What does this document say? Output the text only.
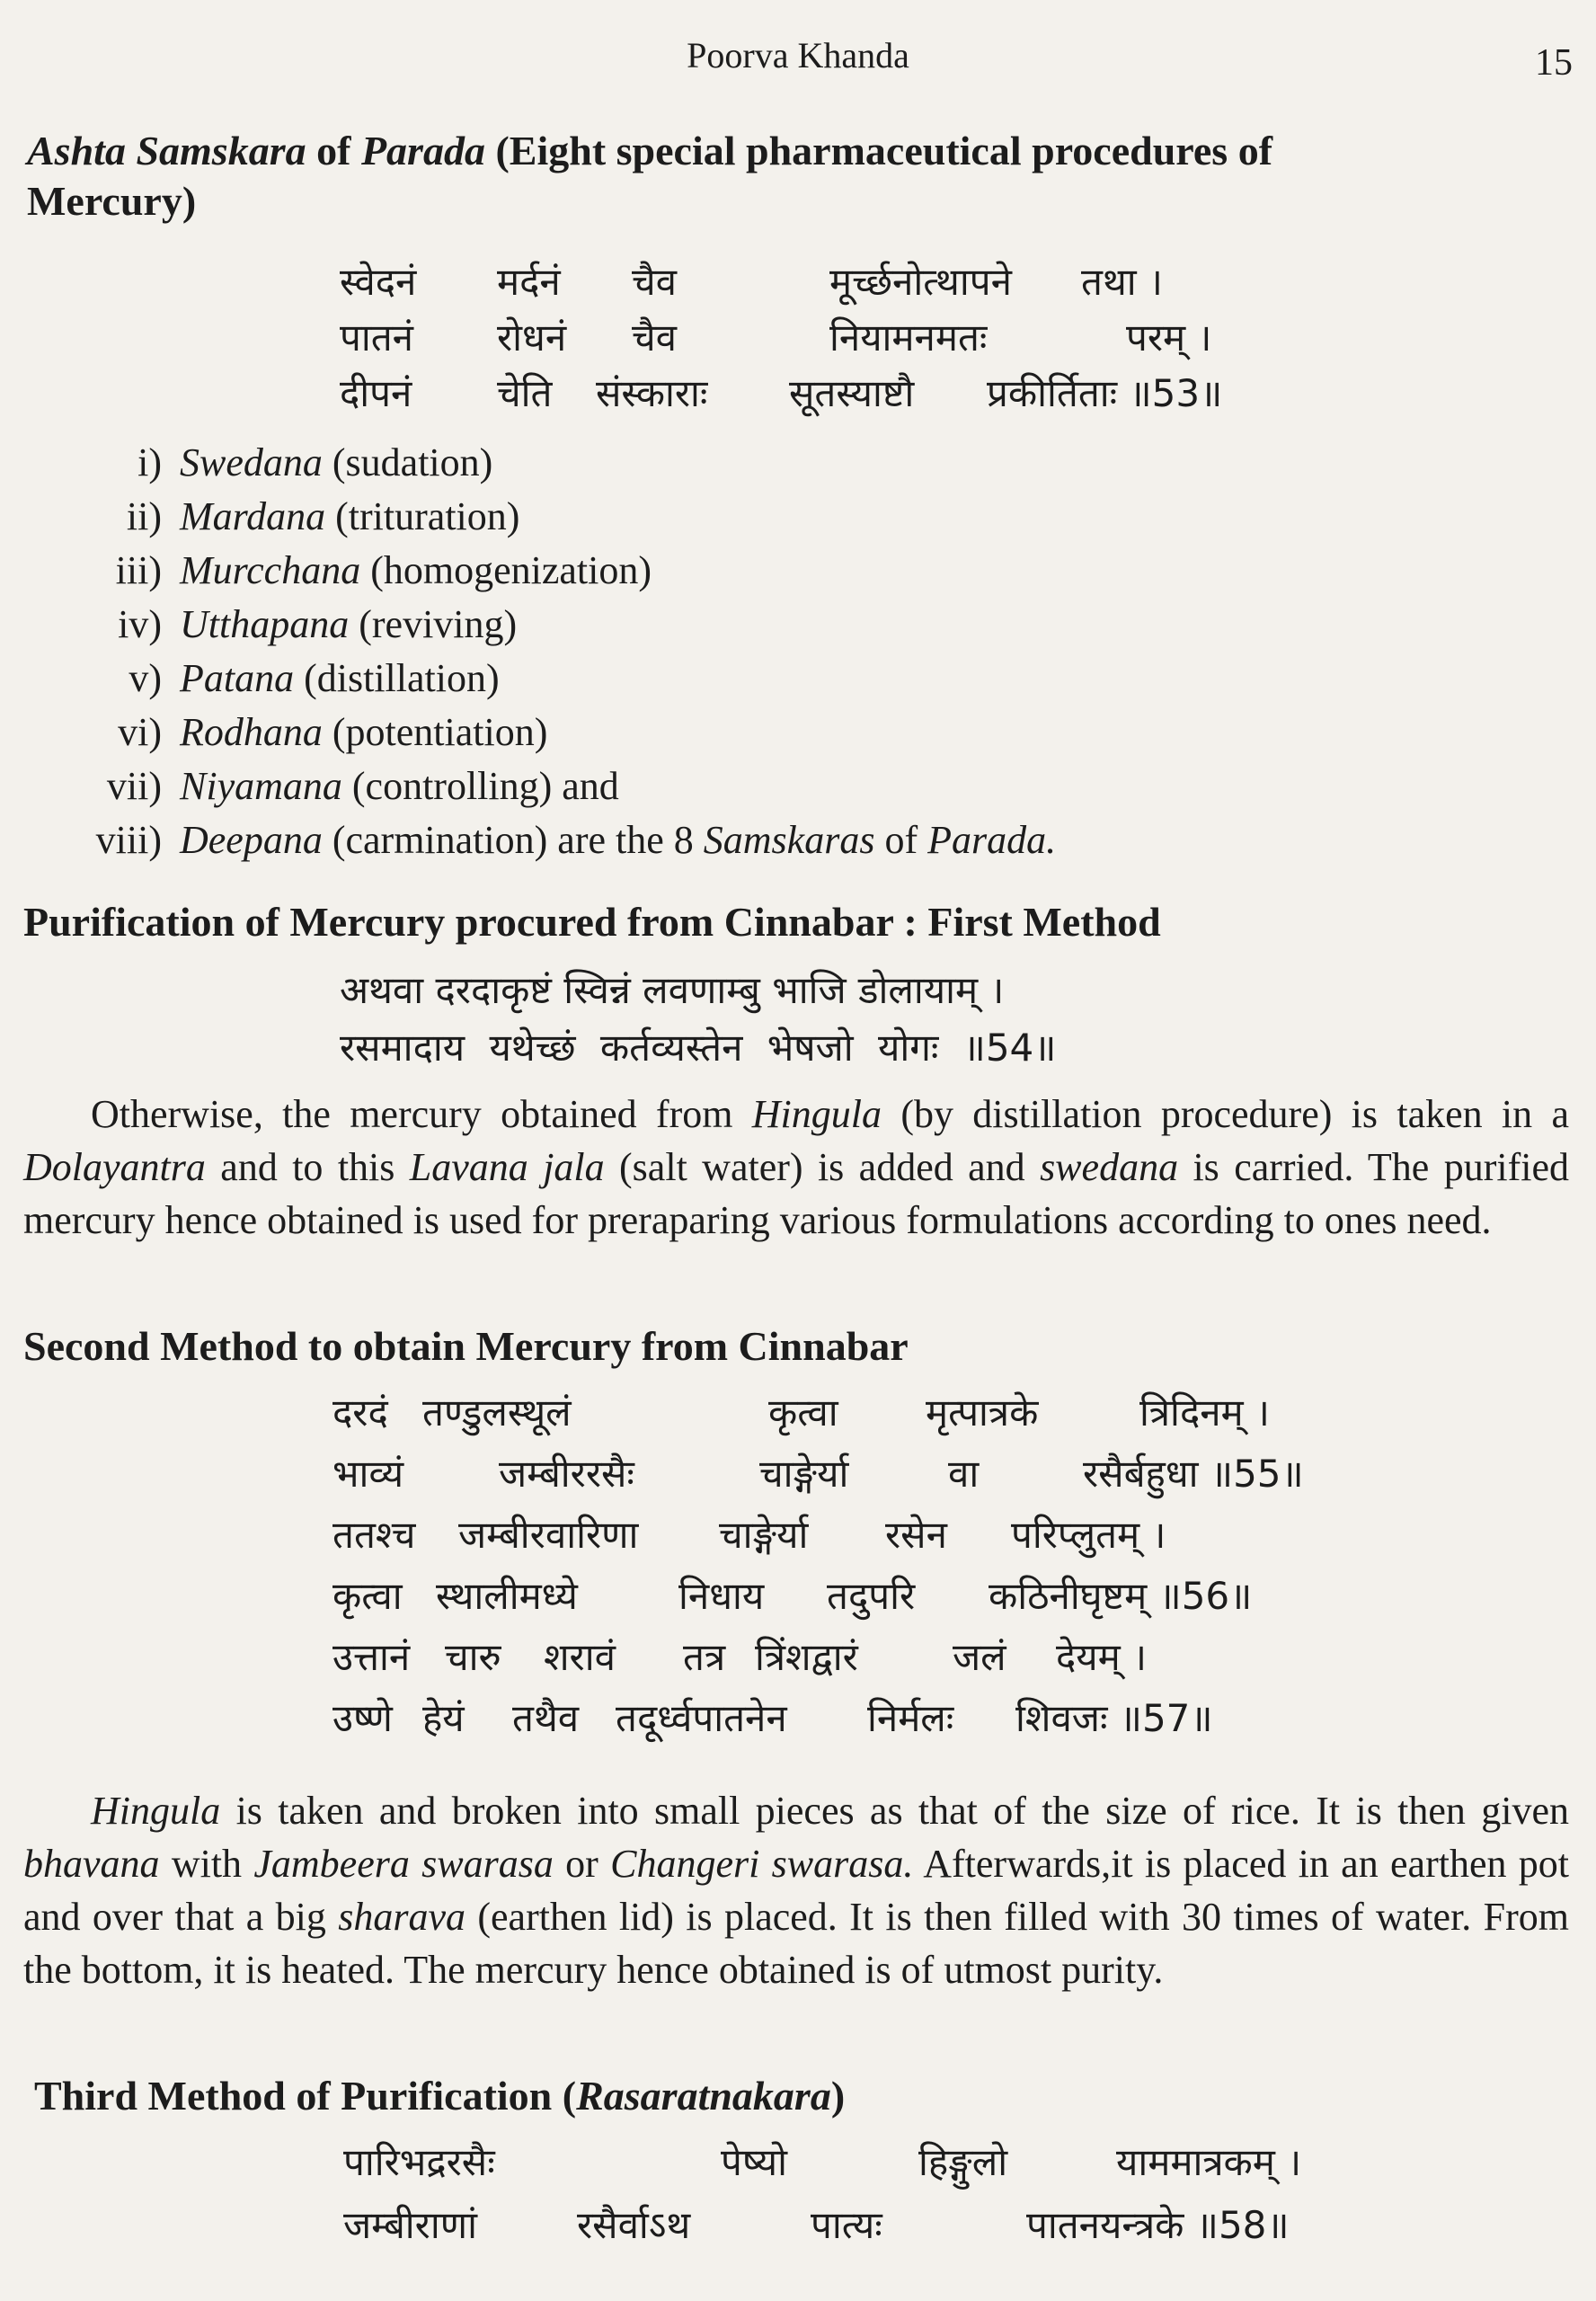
Poorva Khanda	15
Ashta Samskara of Parada (Eight special pharmaceutical procedures of
Mercury)
स्वेदनं	मर्दनं	चैव	मूर्च्छनोत्थापने	तथा ।
पातनं	रोधनं	चैव	नियामनमतः	परम् ।
दीपनं	चेति	संस्काराः	सूतस्याष्टौ	प्रकीर्तिताः ॥53॥
i) Swedana (sudation)
ii) Mardana (trituration)
iii) Murcchana (homogenization)
iv) Utthapana (reviving)
v) Patana (distillation)
vi) Rodhana (potentiation)
vii) Niyamana (controlling) and
viii) Deepana (carmination) are the 8 Samskaras of Parada.
Purification of Mercury procured from Cinnabar : First Method
अथवा दरदाकृष्टं स्विन्नं लवणाम्बु भाजि डोलायाम् ।
रसमादाय यथेच्छं कर्तव्यस्तेन भेषजो योगः ॥54॥
Otherwise, the mercury obtained from Hingula (by distillation procedure) is taken in a Dolayantra and to this Lavana jala (salt water) is added and swedana is carried. The purified mercury hence obtained is used for preraparing various formulations according to ones need.
Second Method to obtain Mercury from Cinnabar
दरदं तण्डुलस्थूलं	कृत्वा	मृत्पात्रके	त्रिदिनम् ।
भाव्यं	जम्बीररसैः	चाङ्गेर्या	वा	रसैर्बहुधा ॥55॥
ततश्च	जम्बीरवारिणा	चाङ्गेर्या	रसेन	परिप्लुतम् ।
कृत्वा स्थालीमध्ये	निधाय	तदुपरि	कठिनीघृष्टम् ॥56॥
उत्तानं चारु	शरावं	तत्र त्रिंशद्वारं	जलं	देयम् ।
उष्णे हेयं	तथैव तदूर्ध्वपातनेन	निर्मलः	शिवजः ॥57॥
Hingula is taken and broken into small pieces as that of the size of rice. It is then given bhavana with Jambeera swarasa or Changeri swarasa. Afterwards,it is placed in an earthen pot and over that a big sharava (earthen lid) is placed. It is then filled with 30 times of water. From the bottom, it is heated. The mercury hence obtained is of utmost purity.
Third Method of Purification (Rasaratnakara)
पारिभद्ररसैः	पेष्यो	हिङ्गुलो	याममात्रकम् ।
जम्बीराणां	रसैर्वाऽथ	पात्यः	पातनयन्त्रके ॥58॥
